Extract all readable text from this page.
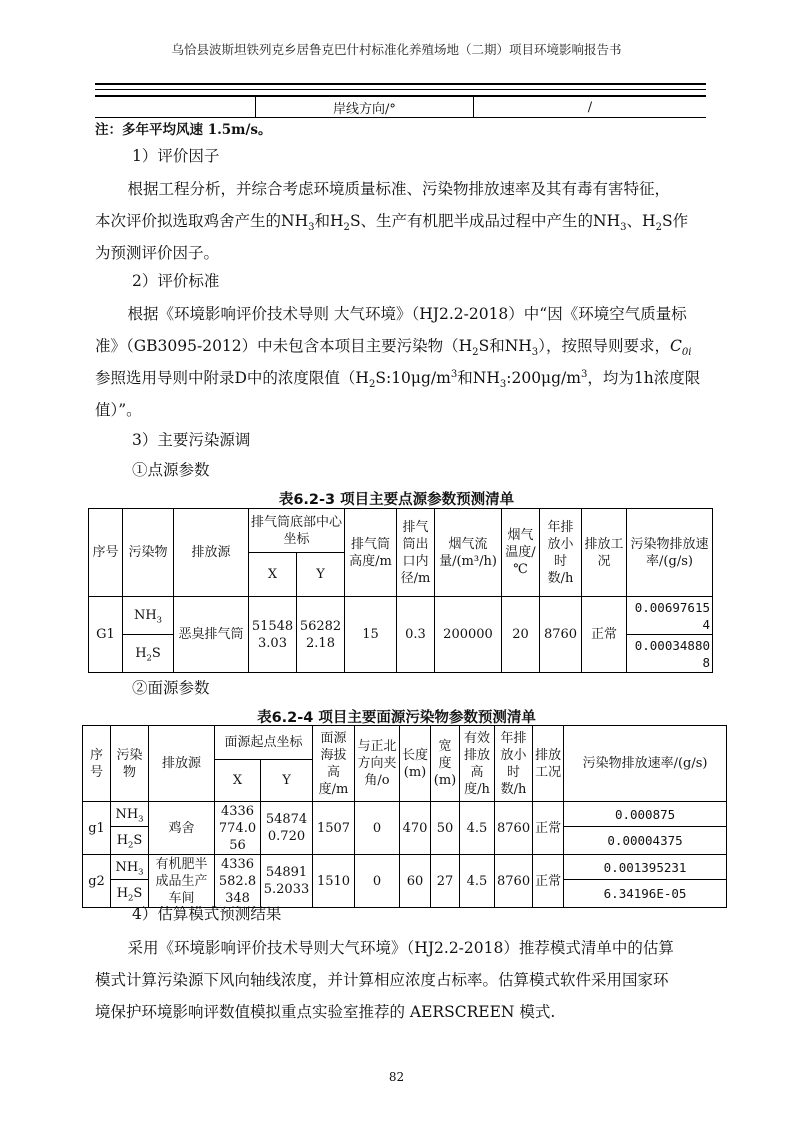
乌恰县波斯坦铁列克乡居鲁克巴什村标准化养殖场地（二期）项目环境影响报告书
	岸线方向/°	/
注：多年平均风速 1.5m/s。
1）评价因子
根据工程分析，并综合考虑环境质量标准、污染物排放速率及其有毒有害特征，
本次评价拟选取鸡舍产生的$NH_3$和$H_2S$、生产有机肥半成品过程中产生的$NH_3$、$H_2S$作
为预测评价因子。
2）评价标准
根据《环境影响评价技术导则 大气环境》（HJ2.2-2018）中“因《环境空气质量标
准》（GB3095-2012）中未包含本项目主要污染物（$H_2S$和$NH_3$），按照导则要求，$C_{0i}$
参照选用导则中附录D中的浓度限值（$H_2S:10\mu g/m^3$和$NH_3:200\mu g/m^3$，均为1h浓度限
值）”。
3）主要污染源调
①点源参数
表6.2-3 项目主要点源参数预测清单
序号	污染物	排放源	排气筒底部中心坐标		排气筒高度/m	排气筒出口内径/m	烟气流量/(m³/h)	烟气温度/℃	年排放小时数/h	排放工况	污染物排放速率/(g/s)
			X	Y							
G1	$NH_3$	恶臭排气筒	515483.03	562822.18	15	0.3	200000	20	8760	正常	0.006976154
	$H_2S$										0.000348808
②面源参数
表6.2-4 项目主要面源污染物参数预测清单
序号	污染物	排放源	面源起点坐标		面源海拔高度/m	与正北方向夹角/o	长度(m)	宽度(m)	有效排放高度/h	年排放小时数/h	排放工况	污染物排放速率/(g/s)
			X	Y								
g1	$NH_3$	鸡舍	4336774.056	548740.720	1507	0	470	50	4.5	8760	正常	0.000875
	$H_2S$											0.00004375
g2	$NH_3$	有机肥半成品生产车间	4336582.8348	548915.2033	1510	0	60	27	4.5	8760	正常	0.001395231
	$H_2S$											6.34196E-05
4）估算模式预测结果
采用《环境影响评价技术导则大气环境》（HJ2.2-2018）推荐模式清单中的估算
模式计算污染源下风向轴线浓度，并计算相应浓度占标率。估算模式软件采用国家环
境保护环境影响评数值模拟重点实验室推荐的 AERSCREEN 模式.
82
